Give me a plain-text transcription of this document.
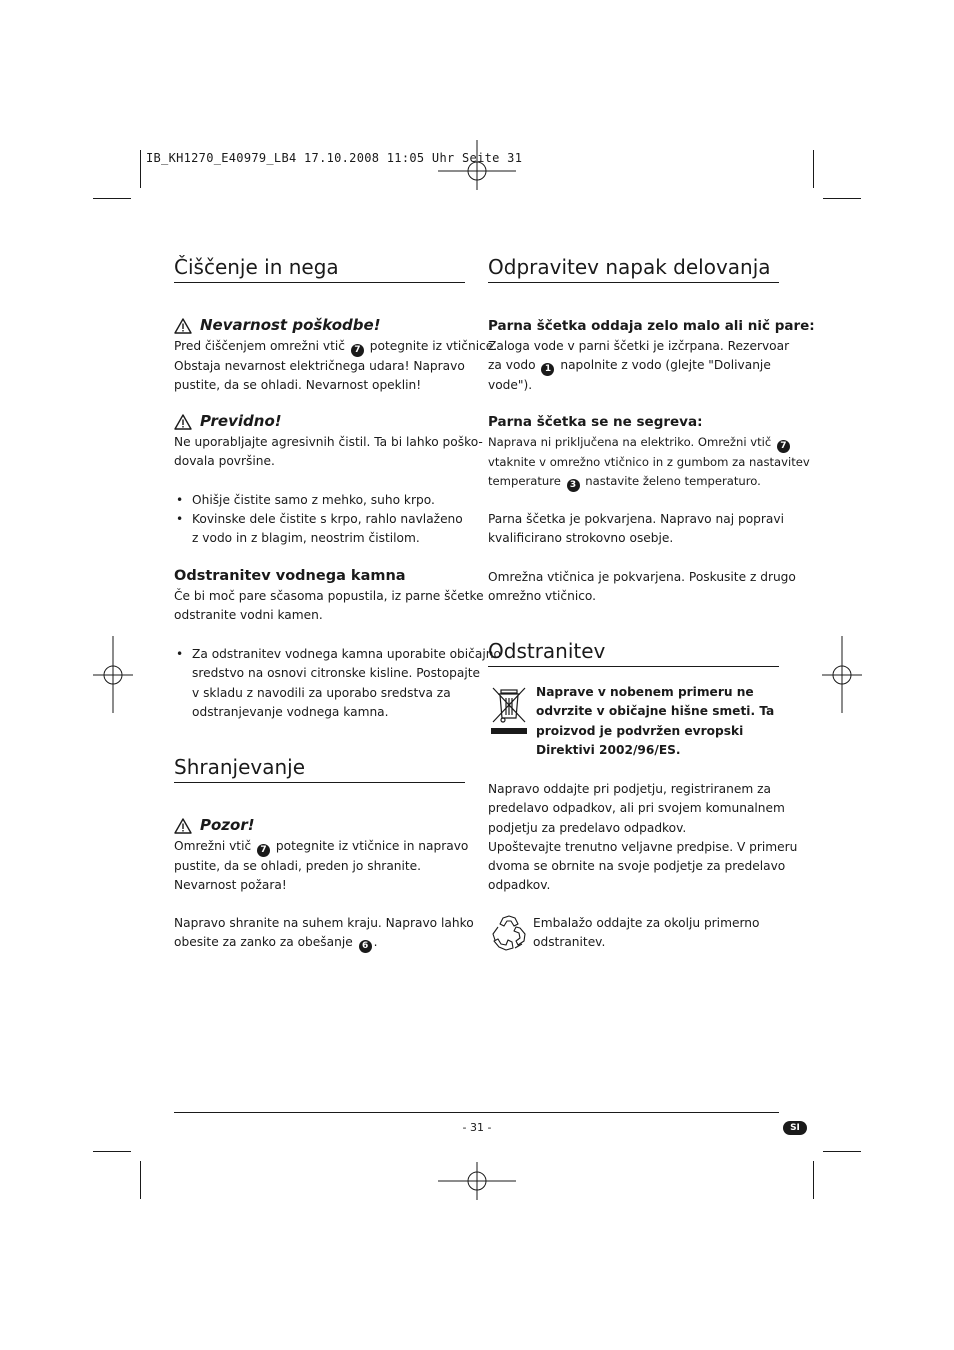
IB_KH1270_E40979_LB4 17.10.2008 11:05 Uhr Seite 31
Čiščenje in nega
Nevarnost poškodbe!
Pred čiščenjem omrežni vtič 7 potegnite iz vtičnice.
Obstaja nevarnost električnega udara! Napravo
pustite, da se ohladi. Nevarnost opeklin!
Previdno!
Ne uporabljajte agresivnih čistil. Ta bi lahko poško-
dovala površine.
• Ohišje čistite samo z mehko, suho krpo.
• Kovinske dele čistite s krpo, rahlo navlaženo
z vodo in z blagim, neostrim čistilom.
Odstranitev vodnega kamna
Če bi moč pare sčasoma popustila, iz parne ščetke
odstranite vodni kamen.
• Za odstranitev vodnega kamna uporabite običajno
sredstvo na osnovi citronske kisline. Postopajte
v skladu z navodili za uporabo sredstva za
odstranjevanje vodnega kamna.
Shranjevanje
Pozor!
Omrežni vtič 7 potegnite iz vtičnice in napravo
pustite, da se ohladi, preden jo shranite.
Nevarnost požara!
Napravo shranite na suhem kraju. Napravo lahko
obesite za zanko za obešanje 6 .
Odpravitev napak delovanja
Parna ščetka oddaja zelo malo ali nič pare:
Zaloga vode v parni ščetki je izčrpana. Rezervoar
za vodo 1 napolnite z vodo (glejte "Dolivanje
vode").
Parna ščetka se ne segreva:
Naprava ni priključena na elektriko. Omrežni vtič 7
vtaknite v omrežno vtičnico in z gumbom za nastavitev
temperature 3 nastavite želeno temperaturo.
Parna ščetka je pokvarjena. Napravo naj popravi
kvalificirano strokovno osebje.
Omrežna vtičnica je pokvarjena. Poskusite z drugo
omrežno vtičnico.
Odstranitev
Naprave v nobenem primeru ne
odvrzite v običajne hišne smeti. Ta
proizvod je podvržen evropski
Direktivi 2002/96/ES.
Napravo oddajte pri podjetju, registriranem za
predelavo odpadkov, ali pri svojem komunalnem
podjetju za predelavo odpadkov.
Upoštevajte trenutno veljavne predpise. V primeru
dvoma se obrnite na svoje podjetje za predelavo
odpadkov.
Embalažo oddajte za okolju primerno
odstranitev.
- 31 -	SI
